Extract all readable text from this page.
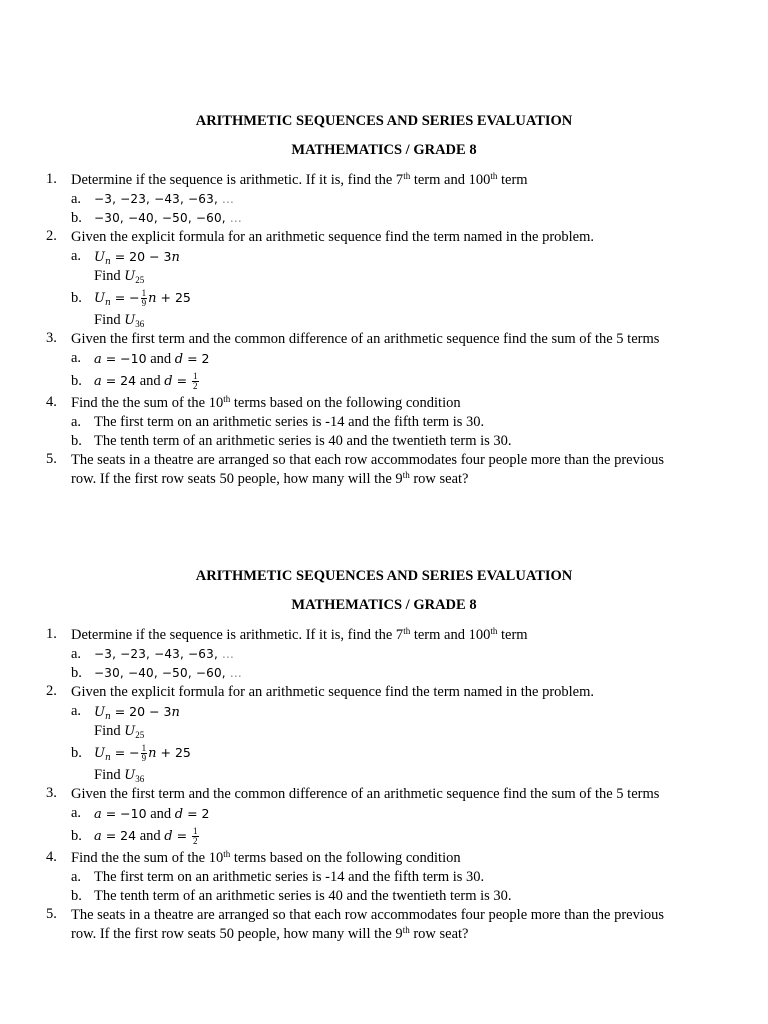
ARITHMETIC SEQUENCES AND SERIES EVALUATION
MATHEMATICS / GRADE 8
1. Determine if the sequence is arithmetic. If it is, find the 7th term and 100th term
a. −3, −23, −43, −63, ...
b. −30, −40, −50, −60, ...
2. Given the explicit formula for an arithmetic sequence find the term named in the problem.
a. $U_n = 20 - 3n$
Find $U_{25}$
b. $U_n$ = − $\frac{1}{9}$ n + 25
Find $U_{36}$
3. Given the first term and the common difference of an arithmetic sequence find the sum of the 5 terms
a. a = −10 and d = 2
b. a = 24 and $d = \frac{1}{2}$
4. Find the the sum of the 10th terms based on the following condition
a. The first term on an arithmetic series is -14 and the fifth term is 30.
b. The tenth term of an arithmetic series is 40 and the twentieth term is 30.
5. The seats in a theatre are arranged so that each row accommodates four people more than the previous row. If the first row seats 50 people, how many will the 9th row seat?
ARITHMETIC SEQUENCES AND SERIES EVALUATION
MATHEMATICS / GRADE 8
1. Determine if the sequence is arithmetic. If it is, find the 7th term and 100th term
a. −3, −23, −43, −63, ...
b. −30, −40, −50, −60, ...
2. Given the explicit formula for an arithmetic sequence find the term named in the problem.
a. $U_n = 20 - 3n$
Find $U_{25}$
b. $U_n$ = − $\frac{1}{9}$ n + 25
Find $U_{36}$
3. Given the first term and the common difference of an arithmetic sequence find the sum of the 5 terms
a. a = −10 and d = 2
b. a = 24 and $d = \frac{1}{2}$
4. Find the the sum of the 10th terms based on the following condition
a. The first term on an arithmetic series is -14 and the fifth term is 30.
b. The tenth term of an arithmetic series is 40 and the twentieth term is 30.
5. The seats in a theatre are arranged so that each row accommodates four people more than the previous row. If the first row seats 50 people, how many will the 9th row seat?
